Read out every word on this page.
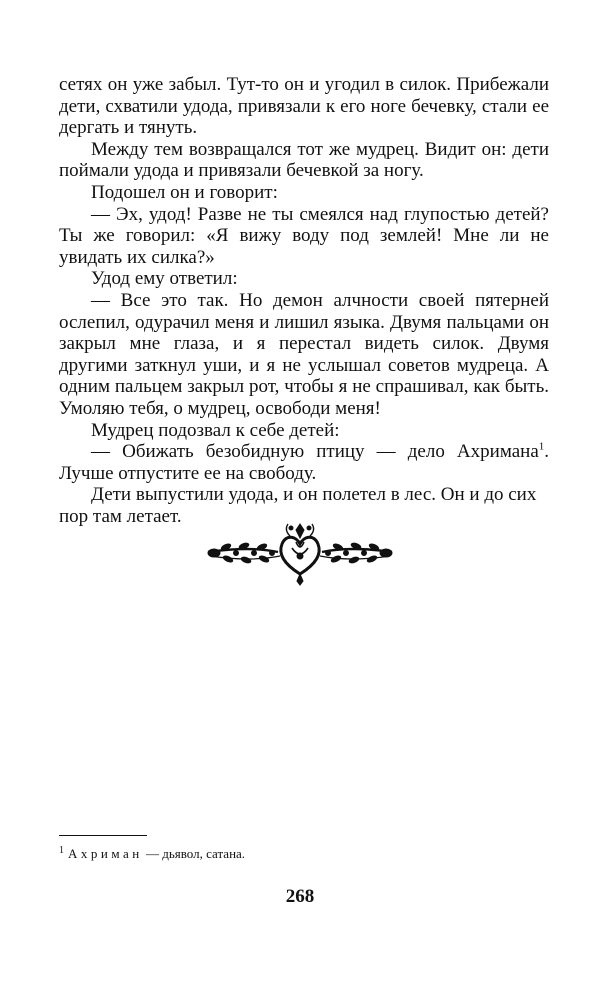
сетях он уже забыл. Тут-то он и угодил в силок. Прибежали дети, схватили удода, привязали к его ноге бечевку, стали ее дергать и тянуть.

Между тем возвращался тот же мудрец. Видит он: дети поймали удода и привязали бечевкой за ногу.

Подошел он и говорит:

— Эх, удод! Разве не ты смеялся над глупостью детей? Ты же говорил: «Я вижу воду под землей! Мне ли не увидать их силка?»

Удод ему ответил:

— Все это так. Но демон алчности своей пятерней ослепил, одурачил меня и лишил языка. Двумя пальцами он закрыл мне глаза, и я перестал видеть силок. Двумя другими заткнул уши, и я не услышал советов мудреца. А одним пальцем закрыл рот, чтобы я не спрашивал, как быть. Умоляю тебя, о мудрец, освободи меня!

Мудрец подозвал к себе детей:

— Обижать безобидную птицу — дело Ахримана$^1$. Лучше отпустите ее на свободу.

Дети выпустили удода, и он полетел в лес. Он и до сих пор там летает.

$^1$ Ахриман — дьявол, сатана.
268
